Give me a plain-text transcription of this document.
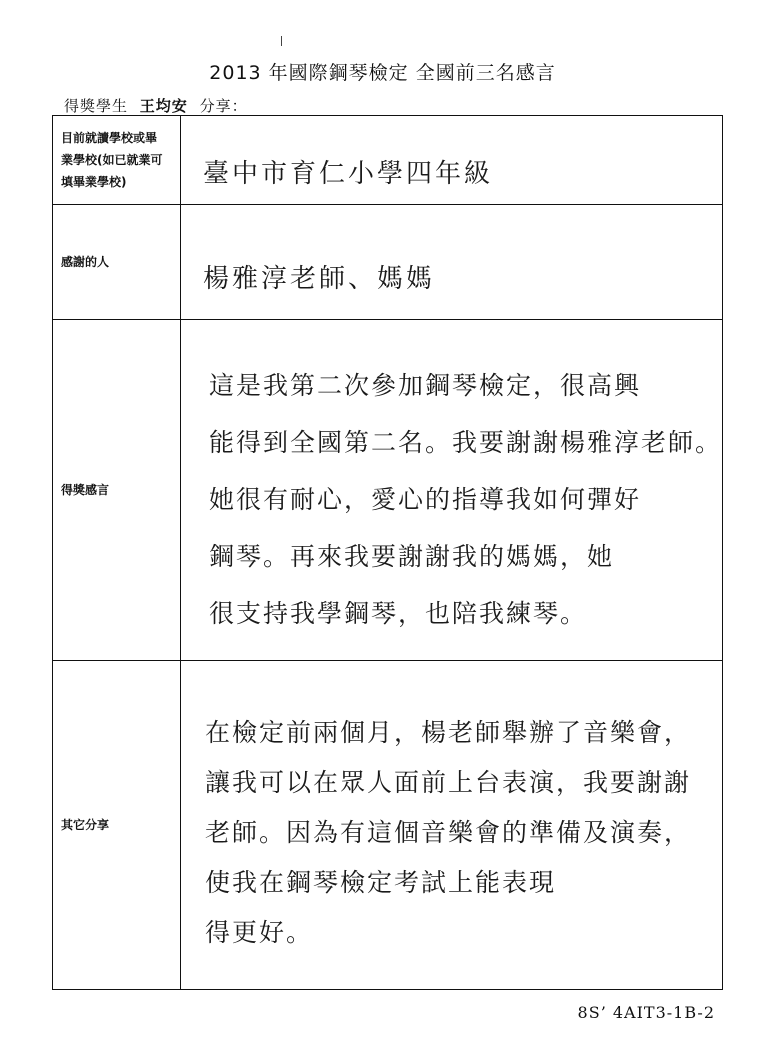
2013 年國際鋼琴檢定 全國前三名感言
得獎學生 王均安 分享：
目前就讀學校或畢
業學校(如已就業可
填畢業學校)	臺中市育仁小學四年級

感謝的人	楊雅淳老師、媽媽

得獎感言	這是我第二次參加鋼琴檢定，很高興
能得到全國第二名。我要謝謝楊雅淳老師。
她很有耐心，愛心的指導我如何彈好
鋼琴。再來我要謝謝我的媽媽，她
很支持我學鋼琴，也陪我練琴。

其它分享	在檢定前兩個月，楊老師舉辦了音樂會，
讓我可以在眾人面前上台表演，我要謝謝
老師。因為有這個音樂會的準備及演奏，
使我在鋼琴檢定考試上能表現
得更好。
8S’ 4AIT3-1B-2
